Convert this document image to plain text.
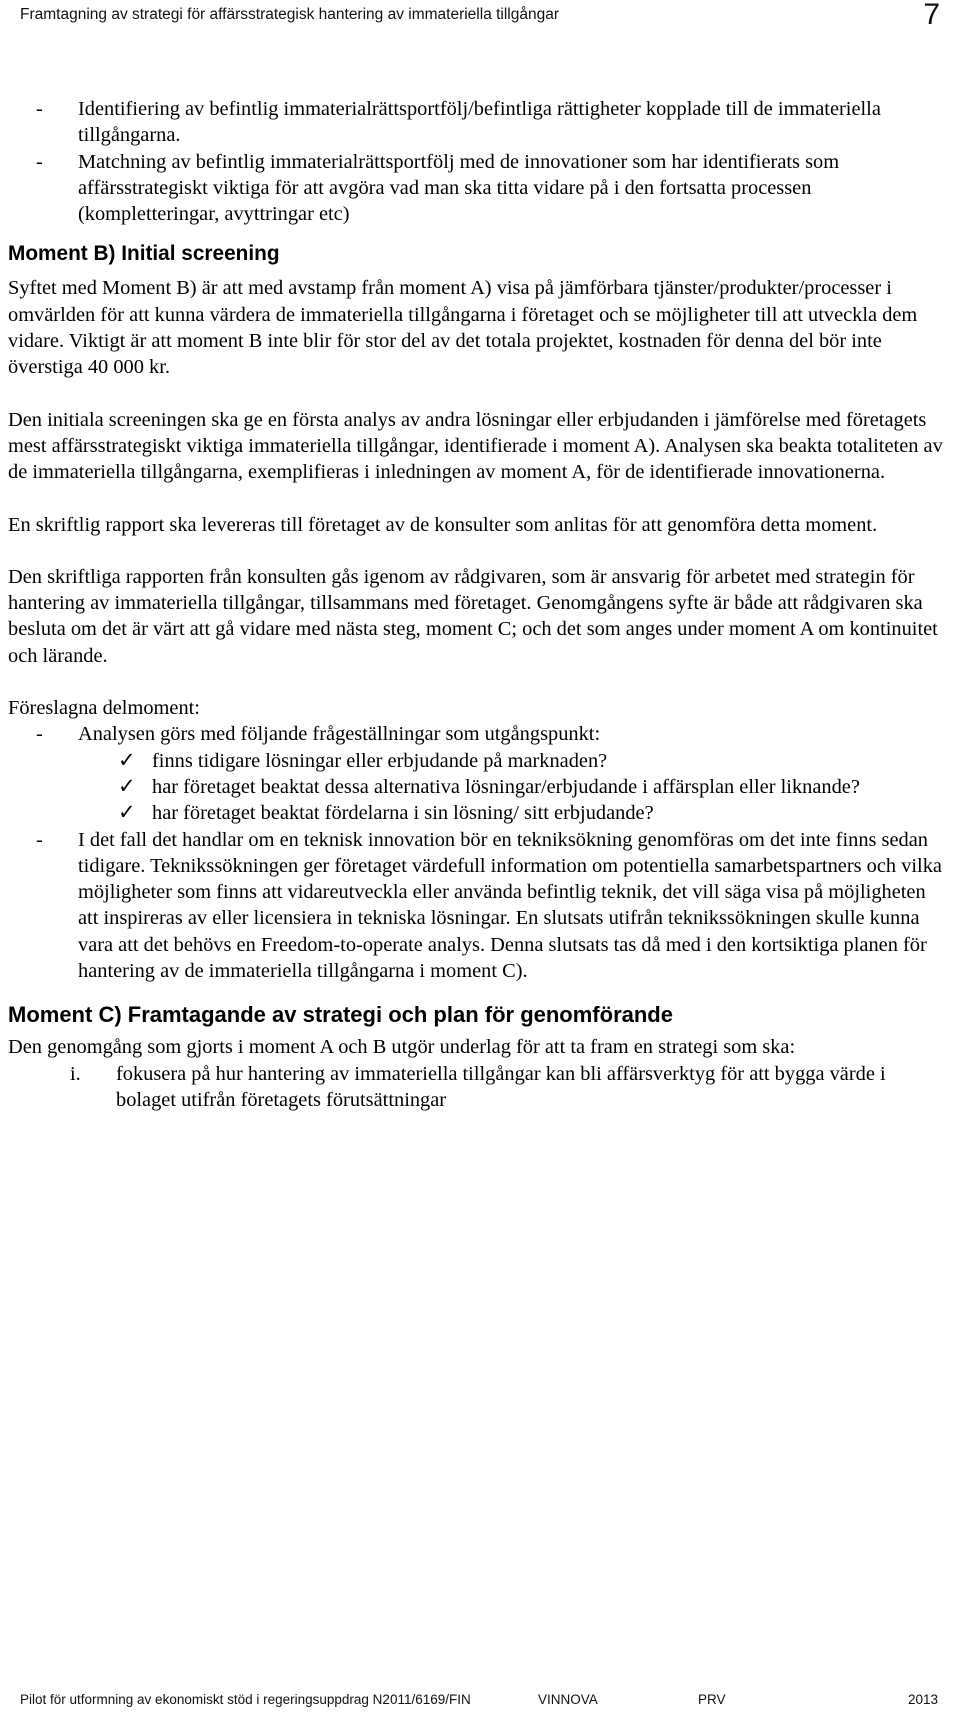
Framtagning av strategi för affärsstrategisk hantering av immateriella tillgångar	7
- Identifiering av befintlig immaterialrättsportfölj/befintliga rättigheter kopplade till de immateriella tillgångarna.
- Matchning av befintlig immaterialrättsportfölj med de innovationer som har identifierats som affärsstrategiskt viktiga för att avgöra vad man ska titta vidare på i den fortsatta processen (kompletteringar, avyttringar etc)
Moment B) Initial screening

Syftet med Moment B) är att med avstamp från moment A) visa på jämförbara tjänster/produkter/processer i omvärlden för att kunna värdera de immateriella tillgångarna i företaget och se möjligheter till att utveckla dem vidare. Viktigt är att moment B inte blir för stor del av det totala projektet, kostnaden för denna del bör inte överstiga 40 000 kr.

Den initiala screeningen ska ge en första analys av andra lösningar eller erbjudanden i jämförelse med företagets mest affärsstrategiskt viktiga immateriella tillgångar, identifierade i moment A). Analysen ska beakta totaliteten av de immateriella tillgångarna, exemplifieras i inledningen av moment A, för de identifierade innovationerna.

En skriftlig rapport ska levereras till företaget av de konsulter som anlitas för att genomföra detta moment.

Den skriftliga rapporten från konsulten gås igenom av rådgivaren, som är ansvarig för arbetet med strategin för hantering av immateriella tillgångar, tillsammans med företaget. Genomgångens syfte är både att rådgivaren ska besluta om det är värt att gå vidare med nästa steg, moment C; och det som anges under moment A om kontinuitet och lärande.

Föreslagna delmoment:

- Analysen görs med följande frågeställningar som utgångspunkt:
✓ finns tidigare lösningar eller erbjudande på marknaden?
✓ har företaget beaktat dessa alternativa lösningar/erbjudande i affärsplan eller liknande?
✓ har företaget beaktat fördelarna i sin lösning/ sitt erbjudande?
- I det fall det handlar om en teknisk innovation bör en tekniksökning genomföras om det inte finns sedan tidigare. Teknikssökningen ger företaget värdefull information om potentiella samarbetspartners och vilka möjligheter som finns att vidareutveckla eller använda befintlig teknik, det vill säga visa på möjligheten att inspireras av eller licensiera in tekniska lösningar. En slutsats utifrån teknikssökningen skulle kunna vara att det behövs en Freedom-to-operate analys. Denna slutsats tas då med i den kortsiktiga planen för hantering av de immateriella tillgångarna i moment C).
Moment C) Framtagande av strategi och plan för genomförande

Den genomgång som gjorts i moment A och B utgör underlag för att ta fram en strategi som ska:

i. fokusera på hur hantering av immateriella tillgångar kan bli affärsverktyg för att bygga värde i bolaget utifrån företagets förutsättningar
Pilot för utformning av ekonomiskt stöd i regeringsuppdrag N2011/6169/FIN	VINNOVA	PRV	2013
